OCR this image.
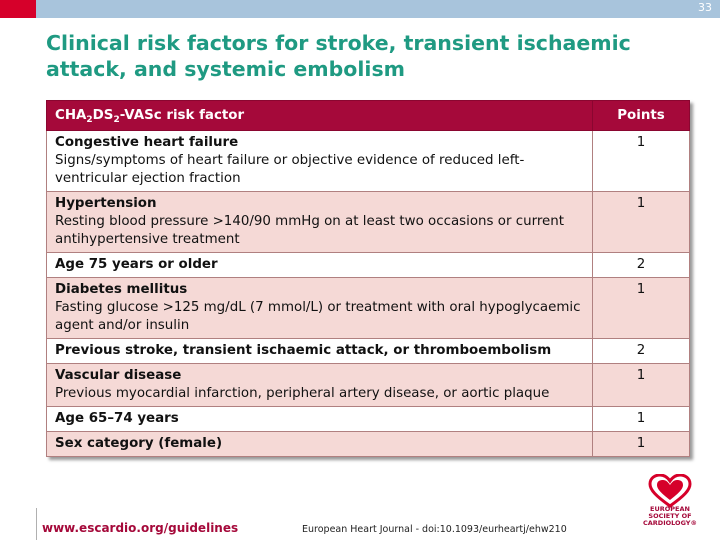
33
Clinical risk factors for stroke, transient ischaemic attack, and systemic embolism
$CHA_2DS_2$-VASc risk factor	Points

Congestive heart failure
Signs/symptoms of heart failure or objective evidence of reduced left-ventricular ejection fraction	1

Hypertension
Resting blood pressure >140/90 mmHg on at least two occasions or current antihypertensive treatment	1

Age 75 years or older	2

Diabetes mellitus
Fasting glucose >125 mg/dL (7 mmol/L) or treatment with oral hypoglycaemic agent and/or insulin	1

Previous stroke, transient ischaemic attack, or thromboembolism	2

Vascular disease
Previous myocardial infarction, peripheral artery disease, or aortic plaque	1

Age 65–74 years	1

Sex category (female)	1
www.escardio.org/guidelines	European Heart Journal - doi:10.1093/eurheartj/ehw210
EUROPEAN
SOCIETY OF
CARDIOLOGY®
